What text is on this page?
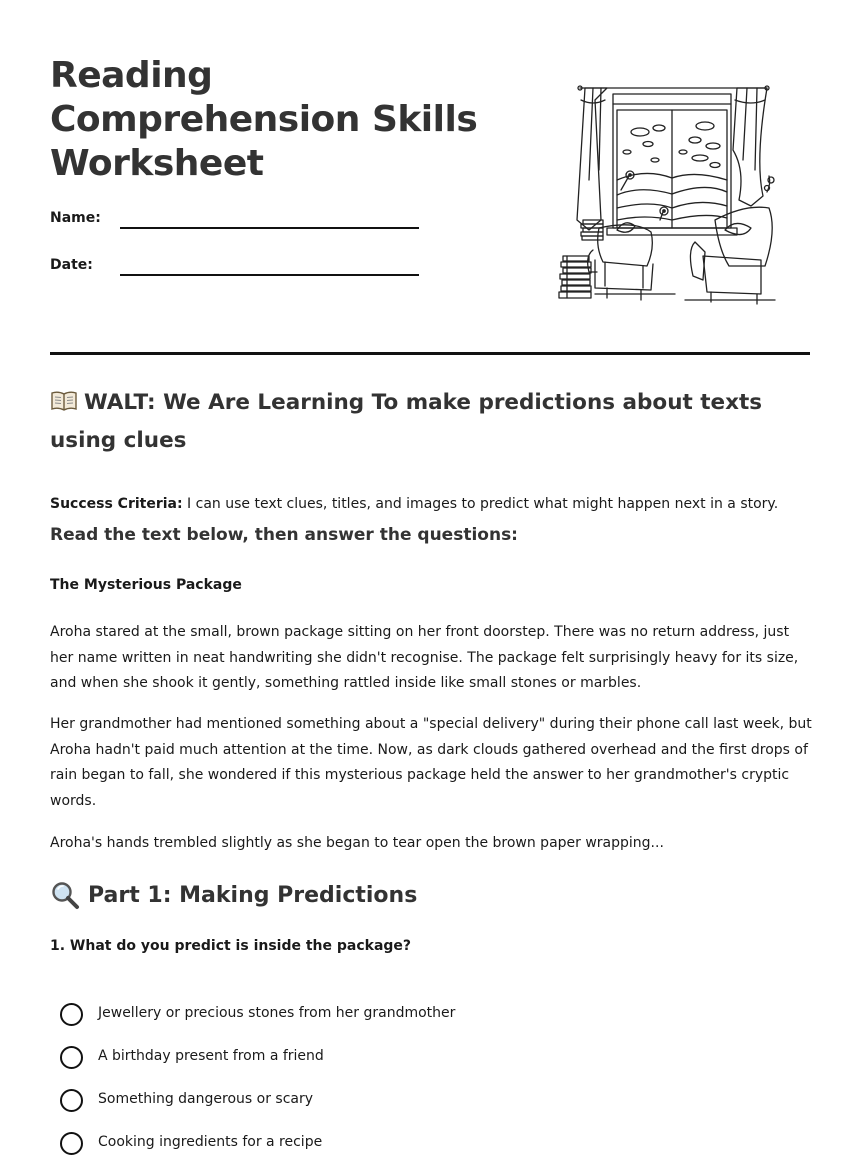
Reading Comprehension Skills Worksheet
Name:
Date:
WALT: We Are Learning To make predictions about texts using clues

Success Criteria: I can use text clues, titles, and images to predict what might happen next in a story.

Read the text below, then answer the questions:
The Mysterious Package

Aroha stared at the small, brown package sitting on her front doorstep. There was no return address, just her name written in neat handwriting she didn't recognise. The package felt surprisingly heavy for its size, and when she shook it gently, something rattled inside like small stones or marbles.

Her grandmother had mentioned something about a "special delivery" during their phone call last week, but Aroha hadn't paid much attention at the time. Now, as dark clouds gathered overhead and the first drops of rain began to fall, she wondered if this mysterious package held the answer to her grandmother's cryptic words.

Aroha's hands trembled slightly as she began to tear open the brown paper wrapping...

Part 1: Making Predictions

1. What do you predict is inside the package?

Jewellery or precious stones from her grandmother
A birthday present from a friend
Something dangerous or scary
Cooking ingredients for a recipe
